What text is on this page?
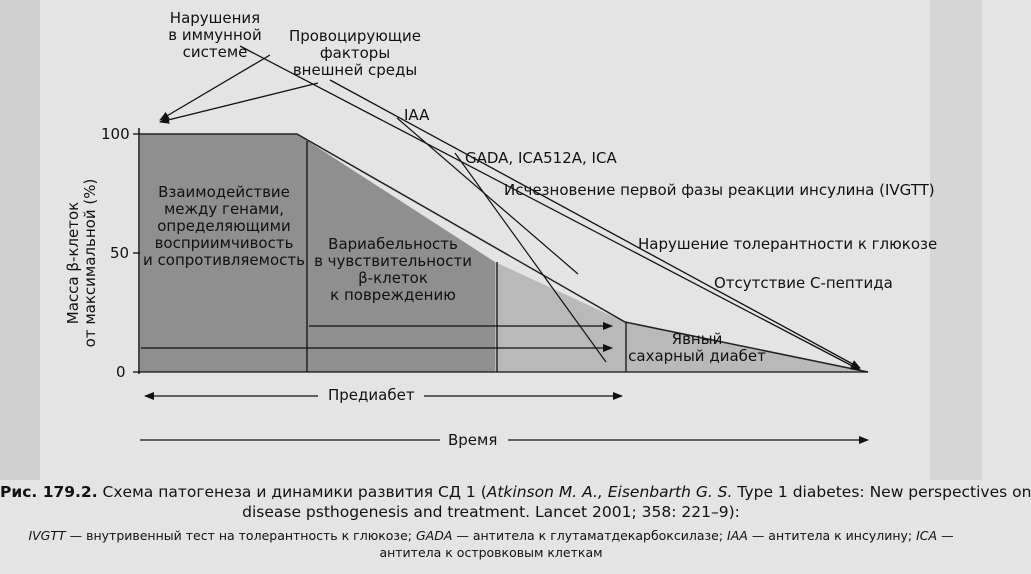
Масса β-клеток от максимальной (%)
100
50
0
Нарушения
в иммунной
системе
Провоцирующие
факторы
внешней среды
IAA
GADA, ICA512A, ICA
Исчезновение первой фазы реакции инсулина (IVGTT)
Нарушение толерантности к глюкозе
Отсутствие С-пептида
Взаимодействие
между генами,
определяющими
восприимчивость
и сопротивляемость
Вариабельность
в чувствительности
β-клеток
к повреждению
Явный
сахарный диабет
Предиабет
Время
Рис. 179.2. Схема патогенеза и динамики развития СД 1 (Atkinson M. A., Eisenbarth G. S. Type 1 diabetes: New perspectives on
disease psthogenesis and treatment. Lancet 2001; 358: 221–9):
IVGTT — внутривенный тест на толерантность к глюкозе; GADA — антитела к глутаматдекарбоксилазе; IAA — антитела к инсулину; ICA —
антитела к островковым клеткам
